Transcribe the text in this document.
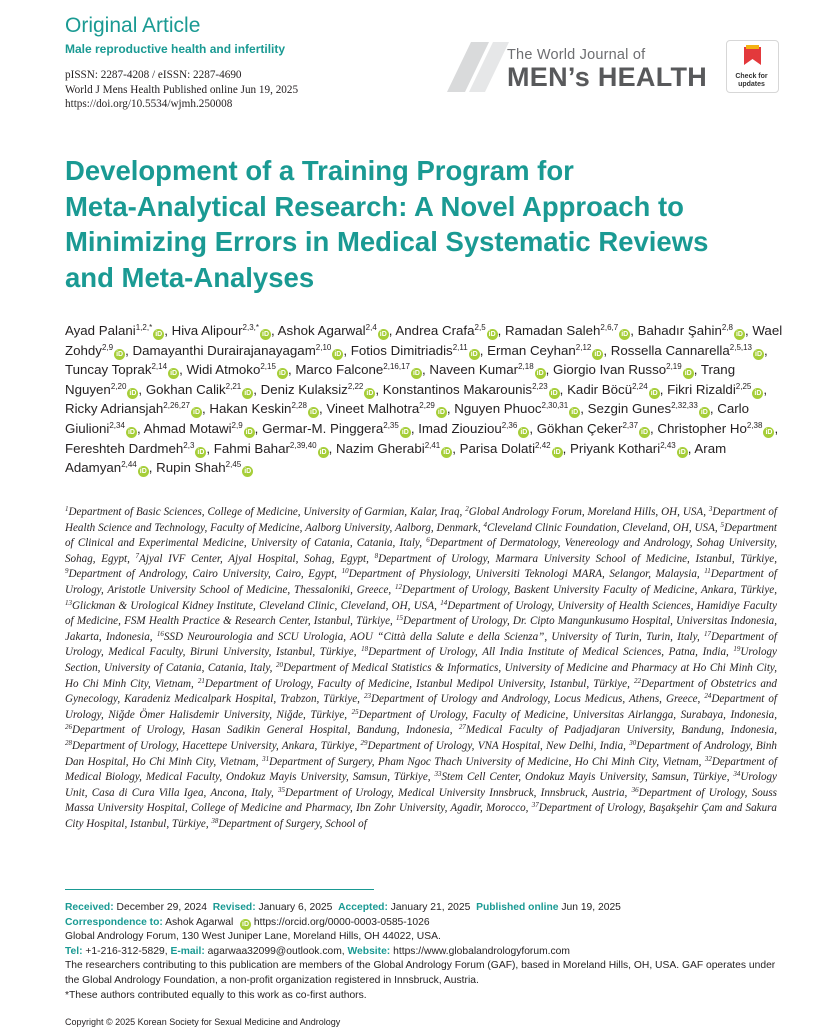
Original Article
Male reproductive health and infertility
pISSN: 2287-4208 / eISSN: 2287-4690
World J Mens Health Published online Jun 19, 2025
https://doi.org/10.5534/wjmh.250008
The World Journal of
MEN’s HEALTH	Check for
updates
Development of a Training Program for
Meta-Analytical Research: A Novel Approach to
Minimizing Errors in Medical Systematic Reviews
and Meta-Analyses
Ayad Palani$^{1,2,*}$iD , Hiva Alipour$^{2,3,*}$iD , Ashok Agarwal$^{2,4}$iD , Andrea Crafa$^{2,5}$iD , Ramadan Saleh$^{2,6,7}$iD , Bahadır Şahin$^{2,8}$iD , Wael Zohdy$^{2,9}$iD , Damayanthi Durairajanayagam$^{2,10}$iD , Fotios Dimitriadis$^{2,11}$iD , Erman Ceyhan$^{2,12}$iD , Rossella Cannarella$^{2,5,13}$iD , Tuncay Toprak$^{2,14}$iD , Widi Atmoko$^{2,15}$iD , Marco Falcone$^{2,16,17}$iD , Naveen Kumar$^{2,18}$iD , Giorgio Ivan Russo$^{2,19}$iD , Trang Nguyen$^{2,20}$iD , Gokhan Calik$^{2,21}$iD , Deniz Kulaksiz$^{2,22}$iD , Konstantinos Makarounis$^{2,23}$iD , Kadir Böcü$^{2,24}$iD , Fikri Rizaldi$^{2,25}$iD , Ricky Adriansjah$^{2,26,27}$iD , Hakan Keskin$^{2,28}$iD , Vineet Malhotra$^{2,29}$iD , Nguyen Phuoc$^{2,30,31}$iD , Sezgin Gunes$^{2,32,33}$iD , Carlo Giulioni$^{2,34}$iD , Ahmad Motawi$^{2,9}$iD , Germar-M. Pinggera$^{2,35}$iD , Imad Ziouziou$^{2,36}$iD , Gökhan Çeker$^{2,37}$iD , Christopher Ho$^{2,38}$iD , Fereshteh Dardmeh$^{2,3}$iD , Fahmi Bahar$^{2,39,40}$iD , Nazim Gherabi$^{2,41}$iD , Parisa Dolati$^{2,42}$iD , Priyank Kothari$^{2,43}$iD , Aram Adamyan$^{2,44}$iD , Rupin Shah$^{2,45}$iD
$^1$Department of Basic Sciences, College of Medicine, University of Garmian, Kalar, Iraq, $^2$Global Andrology Forum, Moreland Hills, OH, USA, $^3$Department of Health Science and Technology, Faculty of Medicine, Aalborg University, Aalborg, Denmark, $^4$Cleveland Clinic Foundation, Cleveland, OH, USA, $^5$Department of Clinical and Experimental Medicine, University of Catania, Catania, Italy, $^6$Department of Dermatology, Venereology and Andrology, Sohag University, Sohag, Egypt, $^7$Ajyal IVF Center, Ajyal Hospital, Sohag, Egypt, $^8$Department of Urology, Marmara University School of Medicine, Istanbul, Türkiye, $^9$Department of Andrology, Cairo University, Cairo, Egypt, $^{10}$Department of Physiology, Universiti Teknologi MARA, Selangor, Malaysia, $^{11}$Department of Urology, Aristotle University School of Medicine, Thessaloniki, Greece, $^{12}$Department of Urology, Baskent University Faculty of Medicine, Ankara, Türkiye, $^{13}$Glickman & Urological Kidney Institute, Cleveland Clinic, Cleveland, OH, USA, $^{14}$Department of Urology, University of Health Sciences, Hamidiye Faculty of Medicine, FSM Health Practice & Research Center, Istanbul, Türkiye, $^{15}$Department of Urology, Dr. Cipto Mangunkusumo Hospital, Universitas Indonesia, Jakarta, Indonesia, $^{16}$SSD Neurourologia and SCU Urologia, AOU “Città della Salute e della Scienza”, University of Turin, Turin, Italy, $^{17}$Department of Urology, Medical Faculty, Biruni University, Istanbul, Türkiye, $^{18}$Department of Urology, All India Institute of Medical Sciences, Patna, India, $^{19}$Urology Section, University of Catania, Catania, Italy, $^{20}$Department of Medical Statistics & Informatics, University of Medicine and Pharmacy at Ho Chi Minh City, Ho Chi Minh City, Vietnam, $^{21}$Department of Urology, Faculty of Medicine, Istanbul Medipol University, Istanbul, Türkiye, $^{22}$Department of Obstetrics and Gynecology, Karadeniz Medicalpark Hospital, Trabzon, Türkiye, $^{23}$Department of Urology and Andrology, Locus Medicus, Athens, Greece, $^{24}$Department of Urology, Niğde Ömer Halisdemir University, Niğde, Türkiye, $^{25}$Department of Urology, Faculty of Medicine, Universitas Airlangga, Surabaya, Indonesia, $^{26}$Department of Urology, Hasan Sadikin General Hospital, Bandung, Indonesia, $^{27}$Medical Faculty of Padjadjaran University, Bandung, Indonesia, $^{28}$Department of Urology, Hacettepe University, Ankara, Türkiye, $^{29}$Department of Urology, VNA Hospital, New Delhi, India, $^{30}$Department of Andrology, Binh Dan Hospital, Ho Chi Minh City, Vietnam, $^{31}$Department of Surgery, Pham Ngoc Thach University of Medicine, Ho Chi Minh City, Vietnam, $^{32}$Department of Medical Biology, Medical Faculty, Ondokuz Mayis University, Samsun, Türkiye, $^{33}$Stem Cell Center, Ondokuz Mayis University, Samsun, Türkiye, $^{34}$Urology Unit, Casa di Cura Villa Igea, Ancona, Italy, $^{35}$Department of Urology, Medical University Innsbruck, Innsbruck, Austria, $^{36}$Department of Urology, Souss Massa University Hospital, College of Medicine and Pharmacy, Ibn Zohr University, Agadir, Morocco, $^{37}$Department of Urology, Başakşehir Çam and Sakura City Hospital, Istanbul, Türkiye, $^{38}$Department of Surgery, School of
Received: December 29, 2024 Revised: January 6, 2025 Accepted: January 21, 2025 Published online Jun 19, 2025
Correspondence to: Ashok Agarwal iD https://orcid.org/0000-0003-0585-1026
Global Andrology Forum, 130 West Juniper Lane, Moreland Hills, OH 44022, USA.
Tel: +1-216-312-5829, E-mail: agarwaa32099@outlook.com, Website: https://www.globalandrologyforum.com
The researchers contributing to this publication are members of the Global Andrology Forum (GAF), based in Moreland Hills, OH, USA. GAF operates under the Global Andrology Foundation, a non-profit organization registered in Innsbruck, Austria.
*These authors contributed equally to this work as co-first authors.
Copyright © 2025 Korean Society for Sexual Medicine and Andrology
